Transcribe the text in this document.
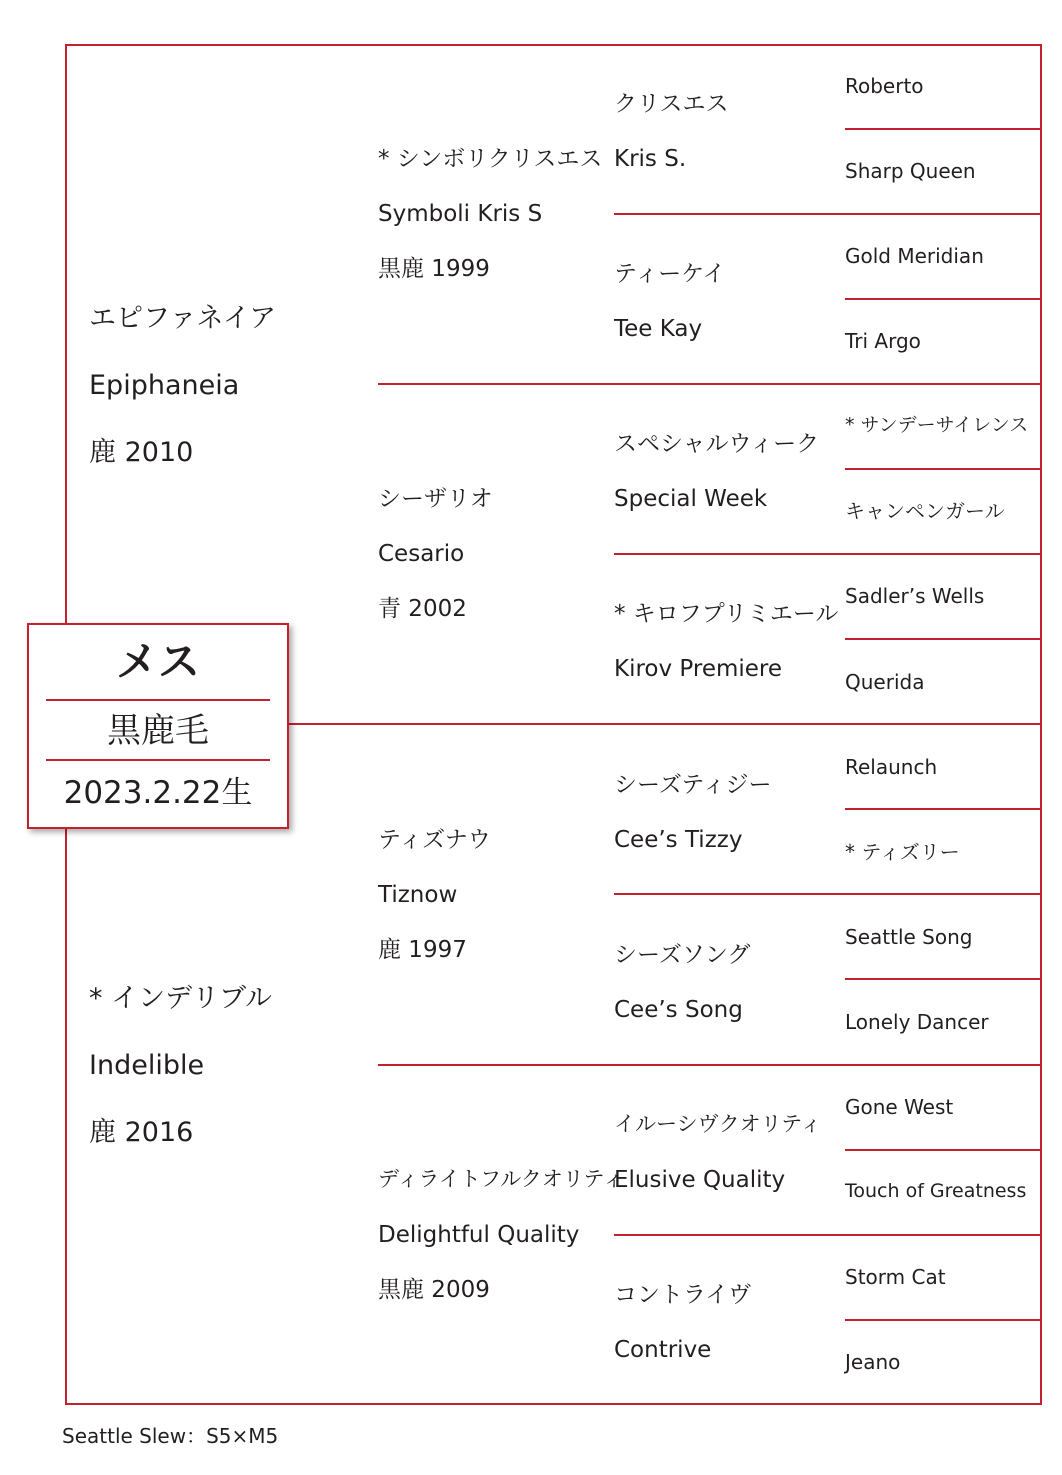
エピファネイア
Epiphaneia
鹿 2010
* インデリブル
Indelible
鹿 2016
* シンボリクリスエス
Symboli Kris S
黒鹿 1999
シーザリオ
Cesario
青 2002
ティズナウ
Tiznow
鹿 1997
ディライトフルクオリティ
Delightful Quality
黒鹿 2009
クリスエス
Kris S.
ティーケイ
Tee Kay
スペシャルウィーク
Special Week
* キロフプリミエール
Kirov Premiere
シーズティジー
Cee’s Tizzy
シーズソング
Cee’s Song
イルーシヴクオリティ
Elusive Quality
コントライヴ
Contrive
Roberto
Sharp Queen
Gold Meridian
Tri Argo
* サンデーサイレンス
キャンペンガール
Sadler’s Wells
Querida
Relaunch
* ティズリー
Seattle Song
Lonely Dancer
Gone West
Touch of Greatness
Storm Cat
Jeano
メス
黒鹿毛
2023.2.22生
Seattle Slew：S5×M5
